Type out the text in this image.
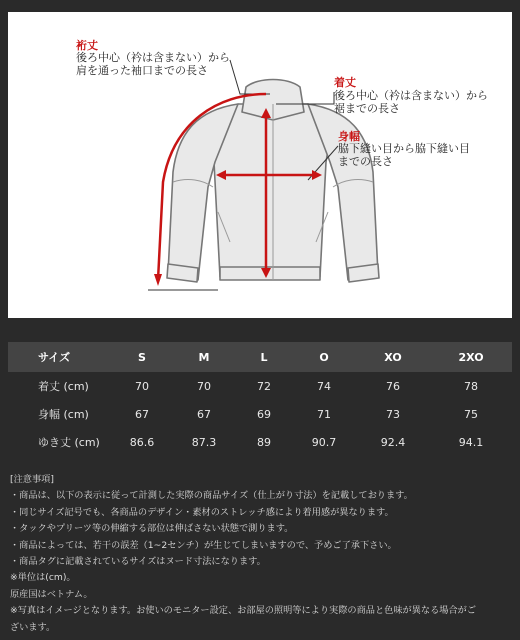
裄丈
後ろ中心（衿は含まない）から
肩を通った袖口までの長さ
着丈
後ろ中心（衿は含まない）から
裾までの長さ
身幅
脇下縫い目から脇下縫い目
までの長さ
サイズ	S	M	L	O	XO	2XO
着丈 (cm)	70	70	72	74	76	78
身幅 (cm)	67	67	69	71	73	75
ゆき丈 (cm)	86.6	87.3	89	90.7	92.4	94.1
[注意事項]
・商品は、以下の表示に従って計測した実際の商品サイズ（仕上がり寸法）を記載しております。
・同じサイズ記号でも、各商品のデザイン・素材のストレッチ感により着用感が異なります。
・タックやプリーツ等の伸縮する部位は伸ばさない状態で測ります。
・商品によっては、若干の誤差（1~2センチ）が生じてしまいますので、予めご了承下さい。
・商品タグに記載されているサイズはヌード寸法になります。
※単位は(cm)。
原産国はベトナム。
※写真はイメージとなります。お使いのモニター設定、お部屋の照明等により実際の商品と色味が異なる場合がご
ざいます。
